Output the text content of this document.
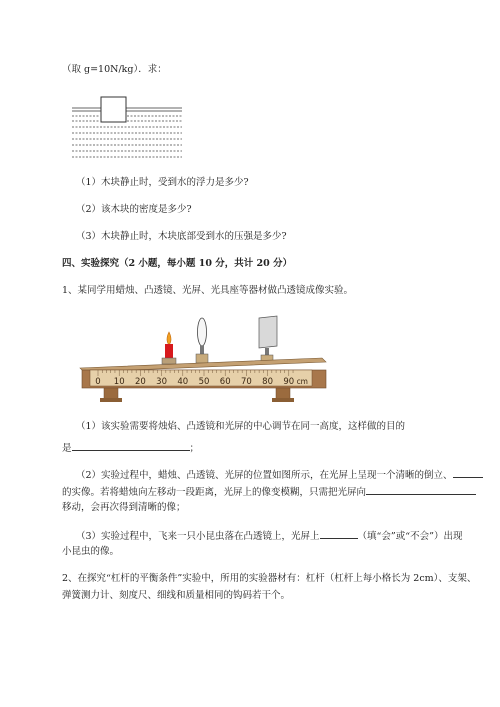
（取 g=10N/kg）．求：
（1）木块静止时，受到水的浮力是多少?
（2）该木块的密度是多少?
（3）木块静止时，木块底部受到水的压强是多少?
四、实验探究（2 小题，每小题 10 分，共计 20 分）
1、某同学用蜡烛、凸透镜、光屏、光具座等器材做凸透镜成像实验。
0 10 20 30 40 50 60 70 80 90 cm
（1）该实验需要将烛焰、凸透镜和光屏的中心调节在同一高度，这样做的目的
是	；
（2）实验过程中，蜡烛、凸透镜、光屏的位置如图所示，在光屏上呈现一个清晰的倒立、
的实像。若将蜡烛向左移动一段距离，光屏上的像变模糊，只需把光屏向
移动，会再次得到清晰的像；
（3）实验过程中，飞来一只小昆虫落在凸透镜上，光屏上	（填“会”或“不会”）出现
小昆虫的像。
2、在探究“杠杆的平衡条件”实验中，所用的实验器材有：杠杆（杠杆上每小格长为 2cm）、支架、
弹簧测力计、刻度尺、细线和质量相同的钩码若干个。
